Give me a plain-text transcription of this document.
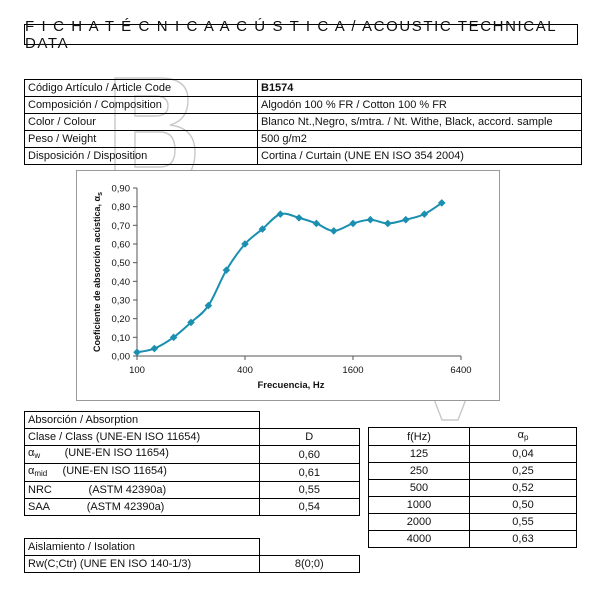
F I C H A T É C N I C A A C Ú S T I C A / ACOUSTIC TECHNICAL DATA
Código Artículo / Article Code	B1574
Composición / Composition	Algodón 100 % FR / Cotton 100 % FR
Color / Colour	Blanco Nt.,Negro, s/mtra. / Nt. Withe, Black, accord. sample
Peso / Weight	500 g/m2
Disposición / Disposition	Cortina / Curtain (UNE EN ISO 354 2004)
0,00
0,10
0,20
0,30
0,40
0,50
0,60
0,70
0,80
0,90
100	400	1600	6400
Frecuencia, Hz
Coeficiente de absorción acústica, $\alpha_s$
Absorción / Absorption	
Clase / Class (UNE-EN ISO 11654)	D
$\alpha_w$ (UNE-EN ISO 11654)	0,60
$\alpha_{mid}$ (UNE-EN ISO 11654)	0,61
NRC (ASTM 42390a)	0,55
SAA (ASTM 42390a)	0,54
Aislamiento / Isolation	
Rw(C;Ctr) (UNE EN ISO 140-1/3)	8(0;0)
f(Hz)	$\alpha_p$
125	0,04
250	0,25
500	0,52
1000	0,50
2000	0,55
4000	0,63
